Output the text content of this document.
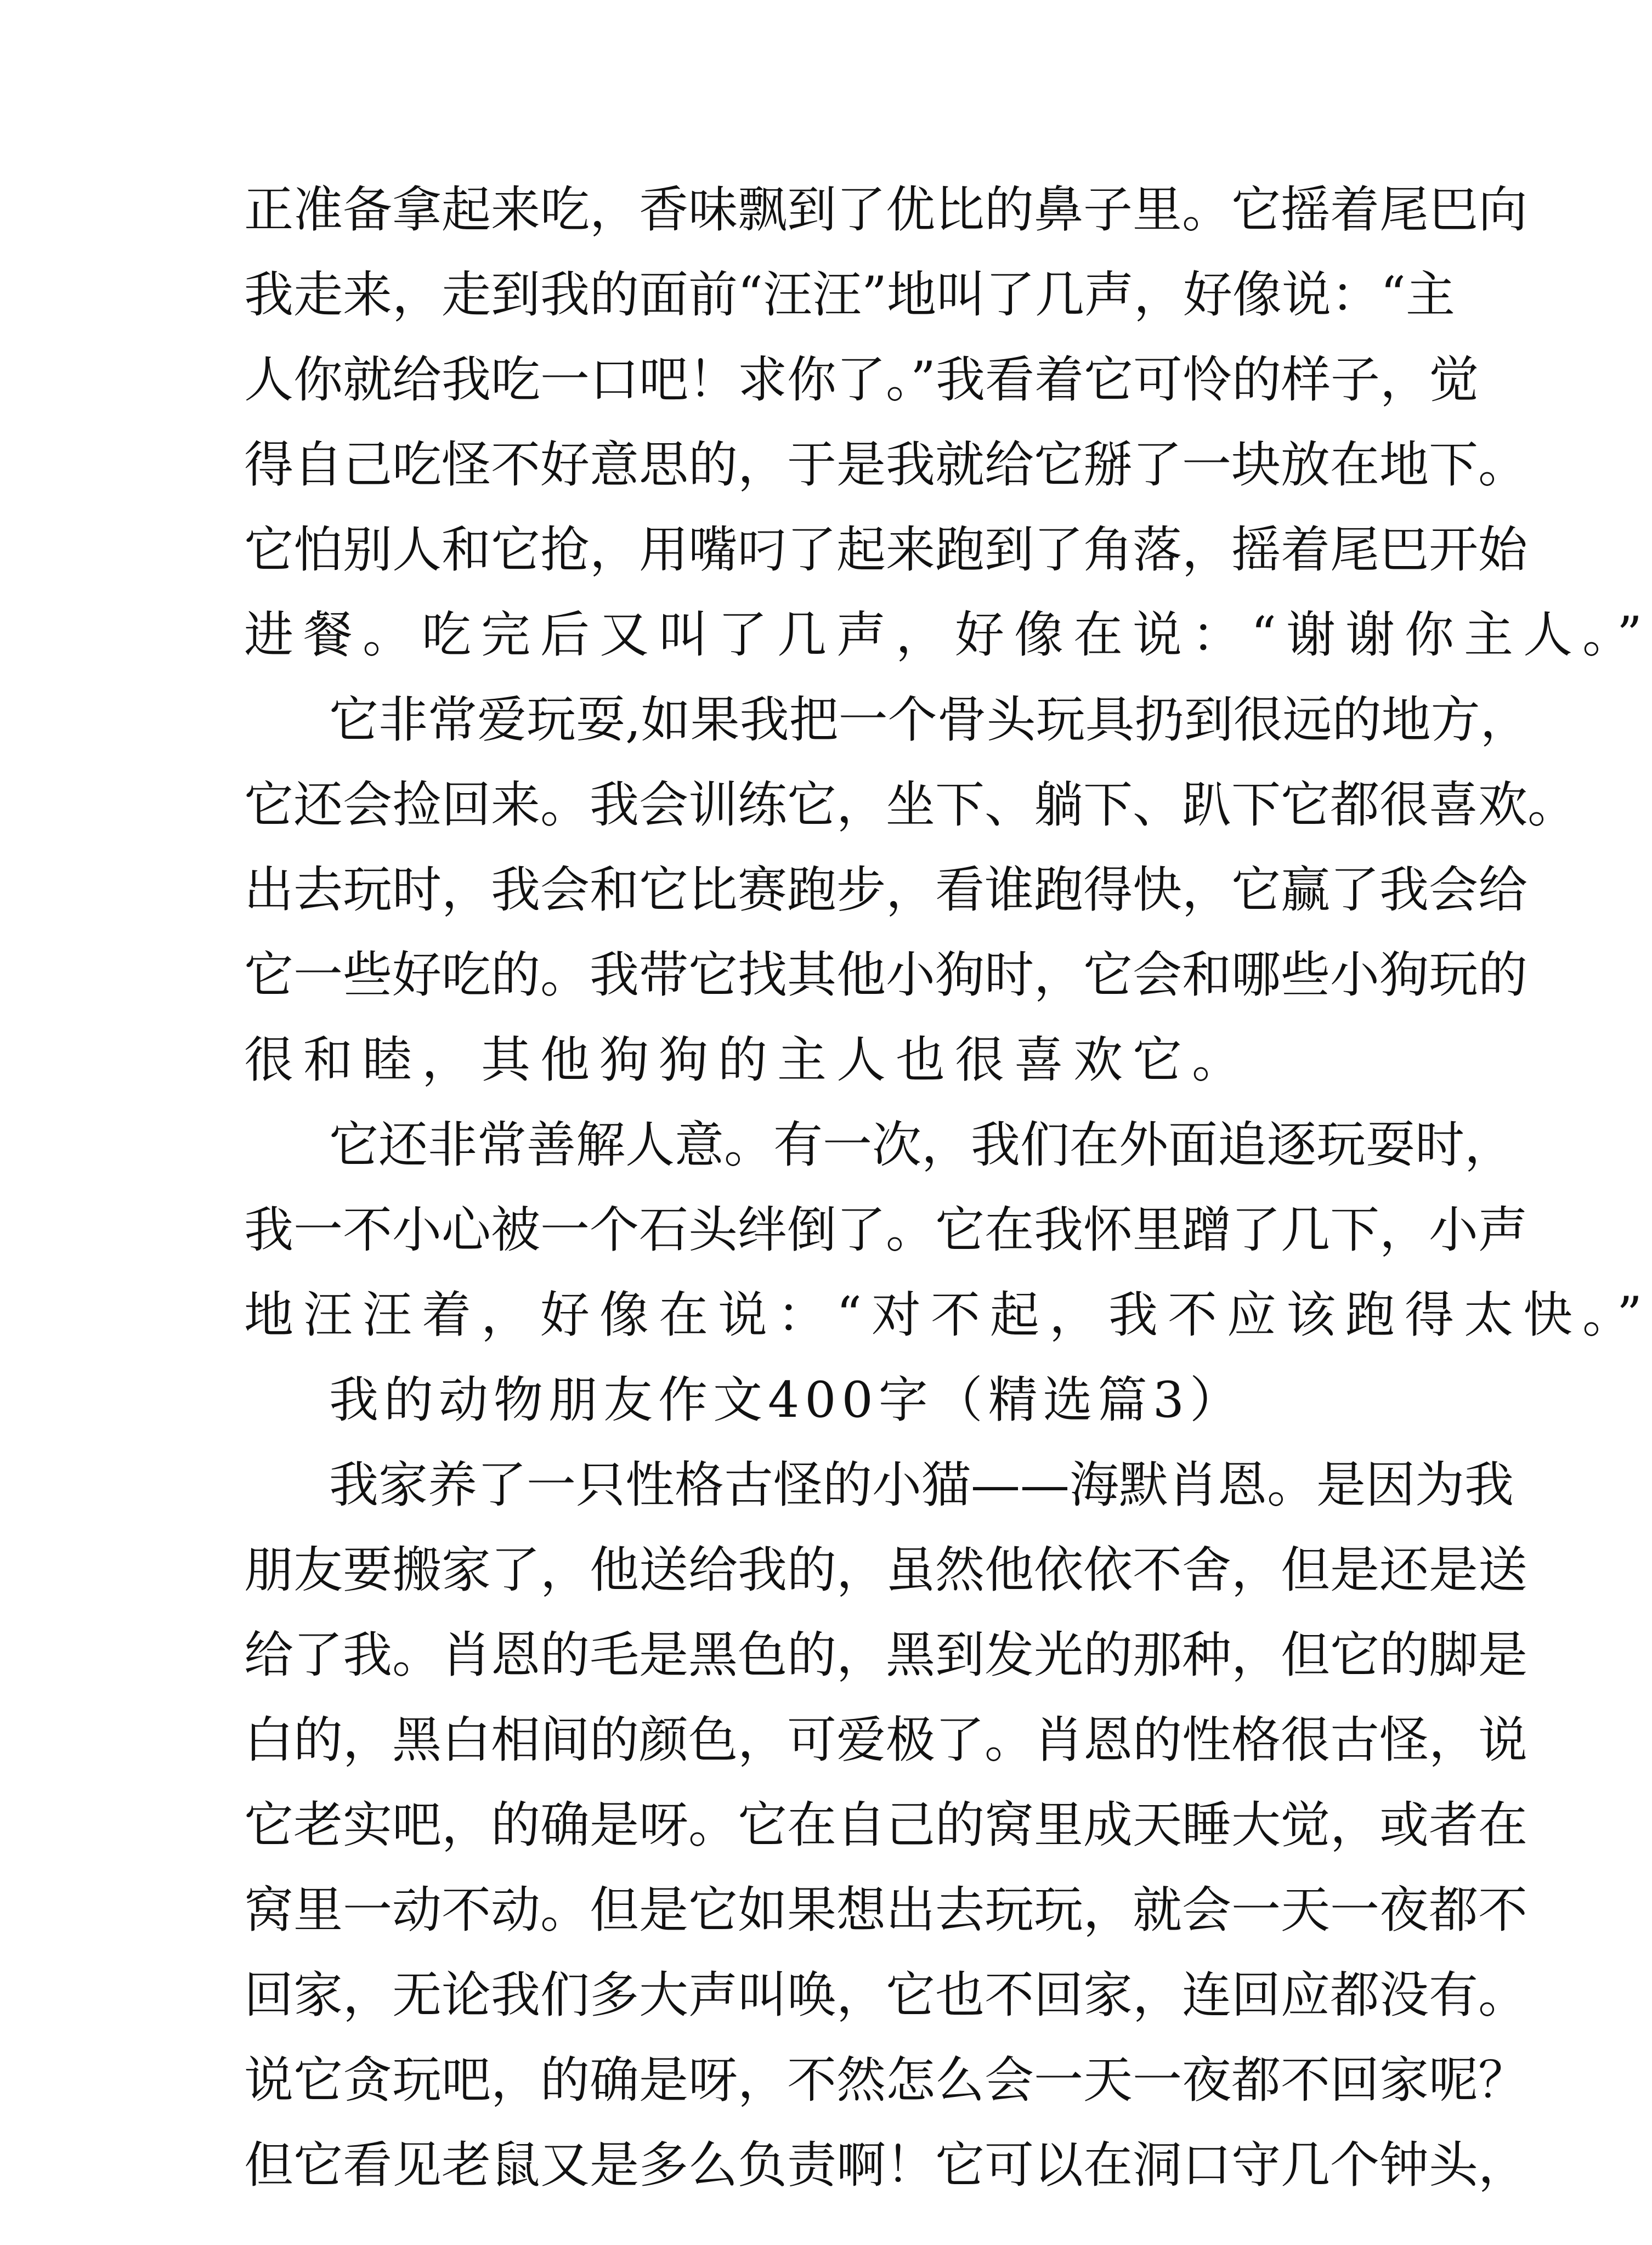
正准备拿起来吃，香味飘到了优比的鼻子里。它摇着尾巴向

我走来，走到我的面前“汪汪”地叫了几声，好像说：“主

人你就给我吃一口吧！求你了。”我看着它可怜的样子，觉

得自己吃怪不好意思的，于是我就给它掰了一块放在地下。

它怕别人和它抢，用嘴叼了起来跑到了角落，摇着尾巴开始

进餐。吃完后又叫了几声，好像在说：“谢谢你主人。”

它非常爱玩耍,如果我把一个骨头玩具扔到很远的地方，

它还会捡回来。我会训练它，坐下、躺下、趴下它都很喜欢。

出去玩时，我会和它比赛跑步，看谁跑得快，它赢了我会给

它一些好吃的。我带它找其他小狗时，它会和哪些小狗玩的

很和睦，其他狗狗的主人也很喜欢它。

它还非常善解人意。有一次，我们在外面追逐玩耍时，

我一不小心被一个石头绊倒了。它在我怀里蹭了几下，小声

地汪汪着，好像在说：“对不起，我不应该跑得太快。”

我的动物朋友作文400字（精选篇3）

我家养了一只性格古怪的小猫——海默肖恩。是因为我

朋友要搬家了，他送给我的，虽然他依依不舍，但是还是送

给了我。肖恩的毛是黑色的，黑到发光的那种，但它的脚是

白的，黑白相间的颜色，可爱极了。肖恩的性格很古怪，说

它老实吧，的确是呀。它在自己的窝里成天睡大觉，或者在

窝里一动不动。但是它如果想出去玩玩，就会一天一夜都不

回家，无论我们多大声叫唤，它也不回家，连回应都没有。

说它贪玩吧，的确是呀，不然怎么会一天一夜都不回家呢？

但它看见老鼠又是多么负责啊！它可以在洞口守几个钟头，
